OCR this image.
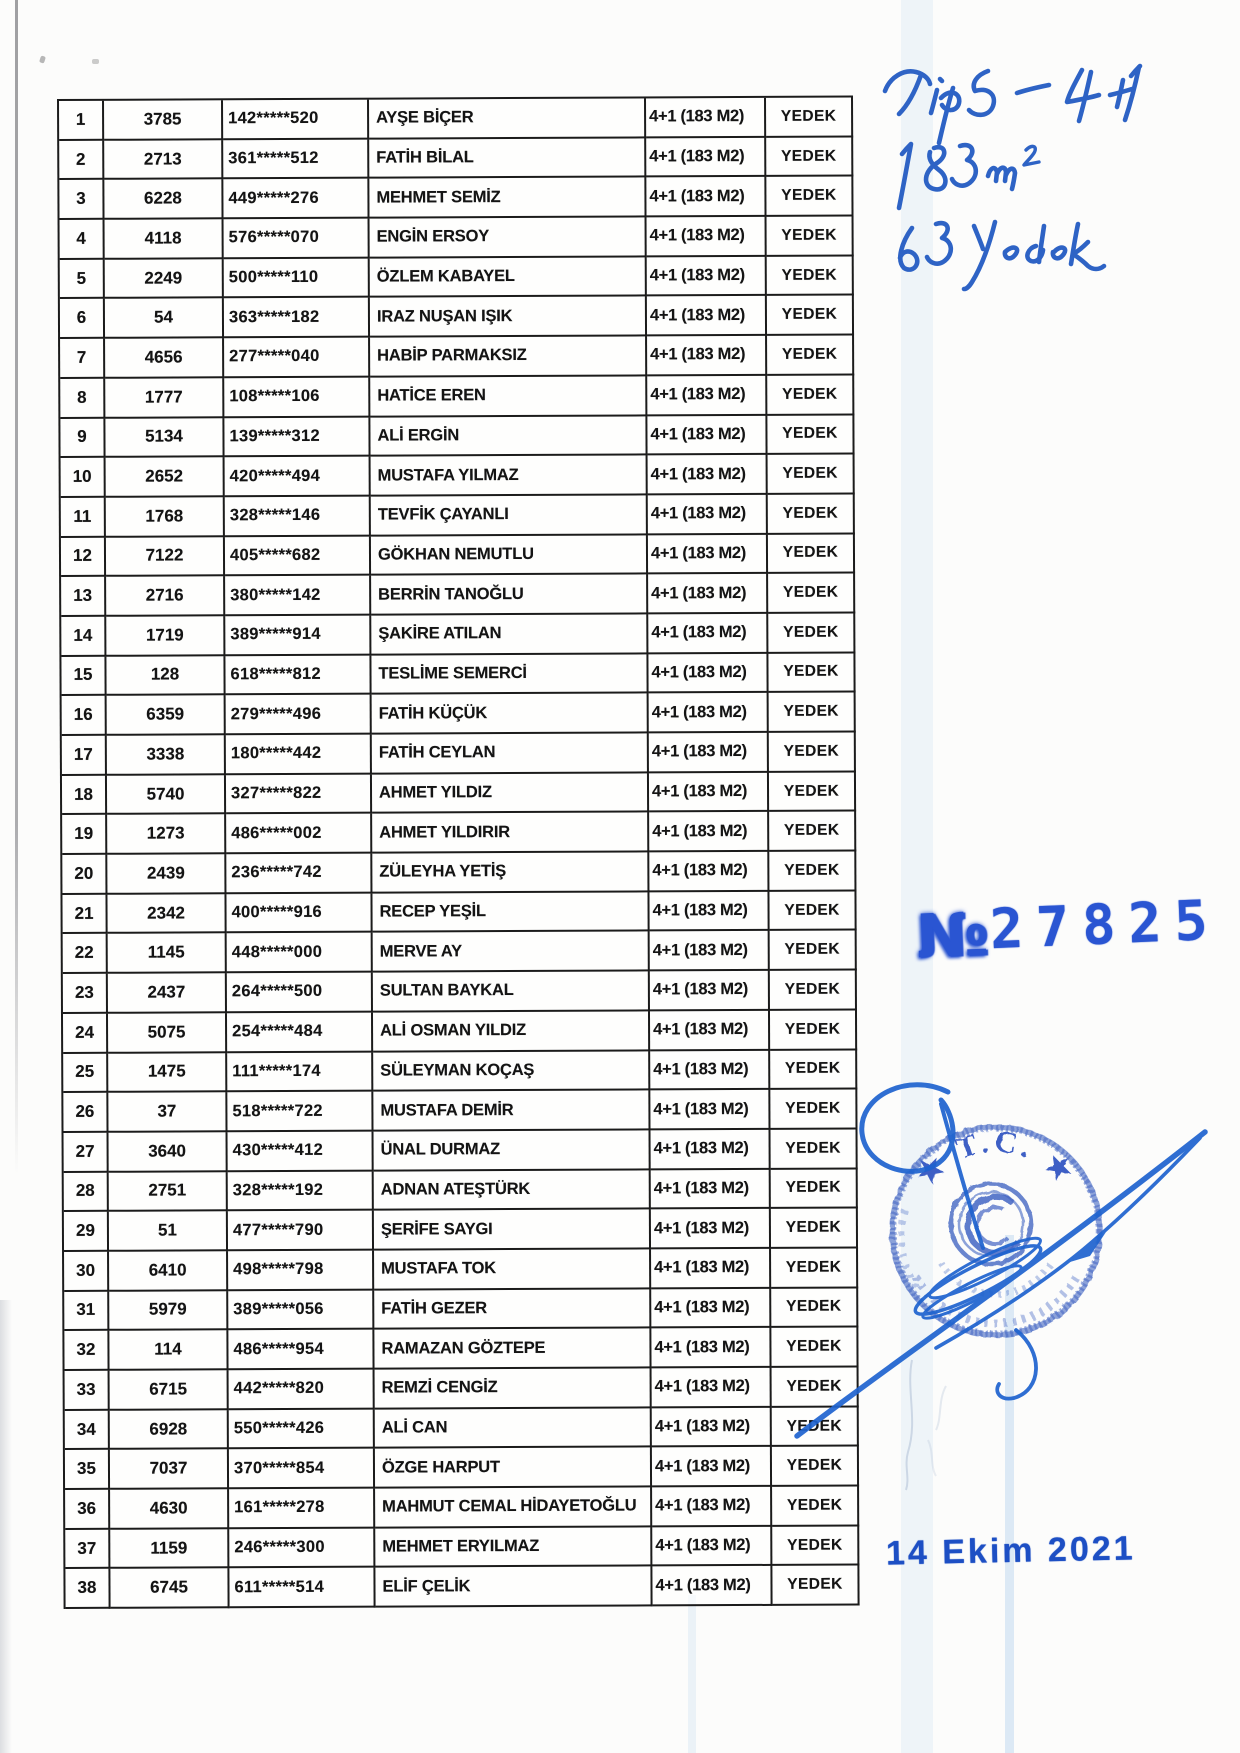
1	3785	142*****520	AYŞE BİÇER	4+1 (183 M2)	YEDEK
2	2713	361*****512	FATİH BİLAL	4+1 (183 M2)	YEDEK
3	6228	449*****276	MEHMET SEMİZ	4+1 (183 M2)	YEDEK
4	4118	576*****070	ENGİN ERSOY	4+1 (183 M2)	YEDEK
5	2249	500*****110	ÖZLEM KABAYEL	4+1 (183 M2)	YEDEK
6	54	363*****182	IRAZ NUŞAN IŞIK	4+1 (183 M2)	YEDEK
7	4656	277*****040	HABİP PARMAKSIZ	4+1 (183 M2)	YEDEK
8	1777	108*****106	HATİCE EREN	4+1 (183 M2)	YEDEK
9	5134	139*****312	ALİ ERGİN	4+1 (183 M2)	YEDEK
10	2652	420*****494	MUSTAFA YILMAZ	4+1 (183 M2)	YEDEK
11	1768	328*****146	TEVFİK ÇAYANLI	4+1 (183 M2)	YEDEK
12	7122	405*****682	GÖKHAN NEMUTLU	4+1 (183 M2)	YEDEK
13	2716	380*****142	BERRİN TANOĞLU	4+1 (183 M2)	YEDEK
14	1719	389*****914	ŞAKİRE ATILAN	4+1 (183 M2)	YEDEK
15	128	618*****812	TESLİME SEMERCİ	4+1 (183 M2)	YEDEK
16	6359	279*****496	FATİH KÜÇÜK	4+1 (183 M2)	YEDEK
17	3338	180*****442	FATİH CEYLAN	4+1 (183 M2)	YEDEK
18	5740	327*****822	AHMET YILDIZ	4+1 (183 M2)	YEDEK
19	1273	486*****002	AHMET YILDIRIR	4+1 (183 M2)	YEDEK
20	2439	236*****742	ZÜLEYHA YETİŞ	4+1 (183 M2)	YEDEK
21	2342	400*****916	RECEP YEŞİL	4+1 (183 M2)	YEDEK
22	1145	448*****000	MERVE AY	4+1 (183 M2)	YEDEK
23	2437	264*****500	SULTAN BAYKAL	4+1 (183 M2)	YEDEK
24	5075	254*****484	ALİ OSMAN YILDIZ	4+1 (183 M2)	YEDEK
25	1475	111*****174	SÜLEYMAN KOÇAŞ	4+1 (183 M2)	YEDEK
26	37	518*****722	MUSTAFA DEMİR	4+1 (183 M2)	YEDEK
27	3640	430*****412	ÜNAL DURMAZ	4+1 (183 M2)	YEDEK
28	2751	328*****192	ADNAN ATEŞTÜRK	4+1 (183 M2)	YEDEK
29	51	477*****790	ŞERİFE SAYGI	4+1 (183 M2)	YEDEK
30	6410	498*****798	MUSTAFA TOK	4+1 (183 M2)	YEDEK
31	5979	389*****056	FATİH GEZER	4+1 (183 M2)	YEDEK
32	114	486*****954	RAMAZAN GÖZTEPE	4+1 (183 M2)	YEDEK
33	6715	442*****820	REMZİ CENGİZ	4+1 (183 M2)	YEDEK
34	6928	550*****426	ALİ CAN	4+1 (183 M2)	YEDEK
35	7037	370*****854	ÖZGE HARPUT	4+1 (183 M2)	YEDEK
36	4630	161*****278	MAHMUT CEMAL HİDAYETOĞLU	4+1 (183 M2)	YEDEK
37	1159	246*****300	MEHMET ERYILMAZ	4+1 (183 M2)	YEDEK
38	6745	611*****514	ELİF ÇELİK	4+1 (183 M2)	YEDEK
№27825
★ T.C. ★
14 Ekim 2021
